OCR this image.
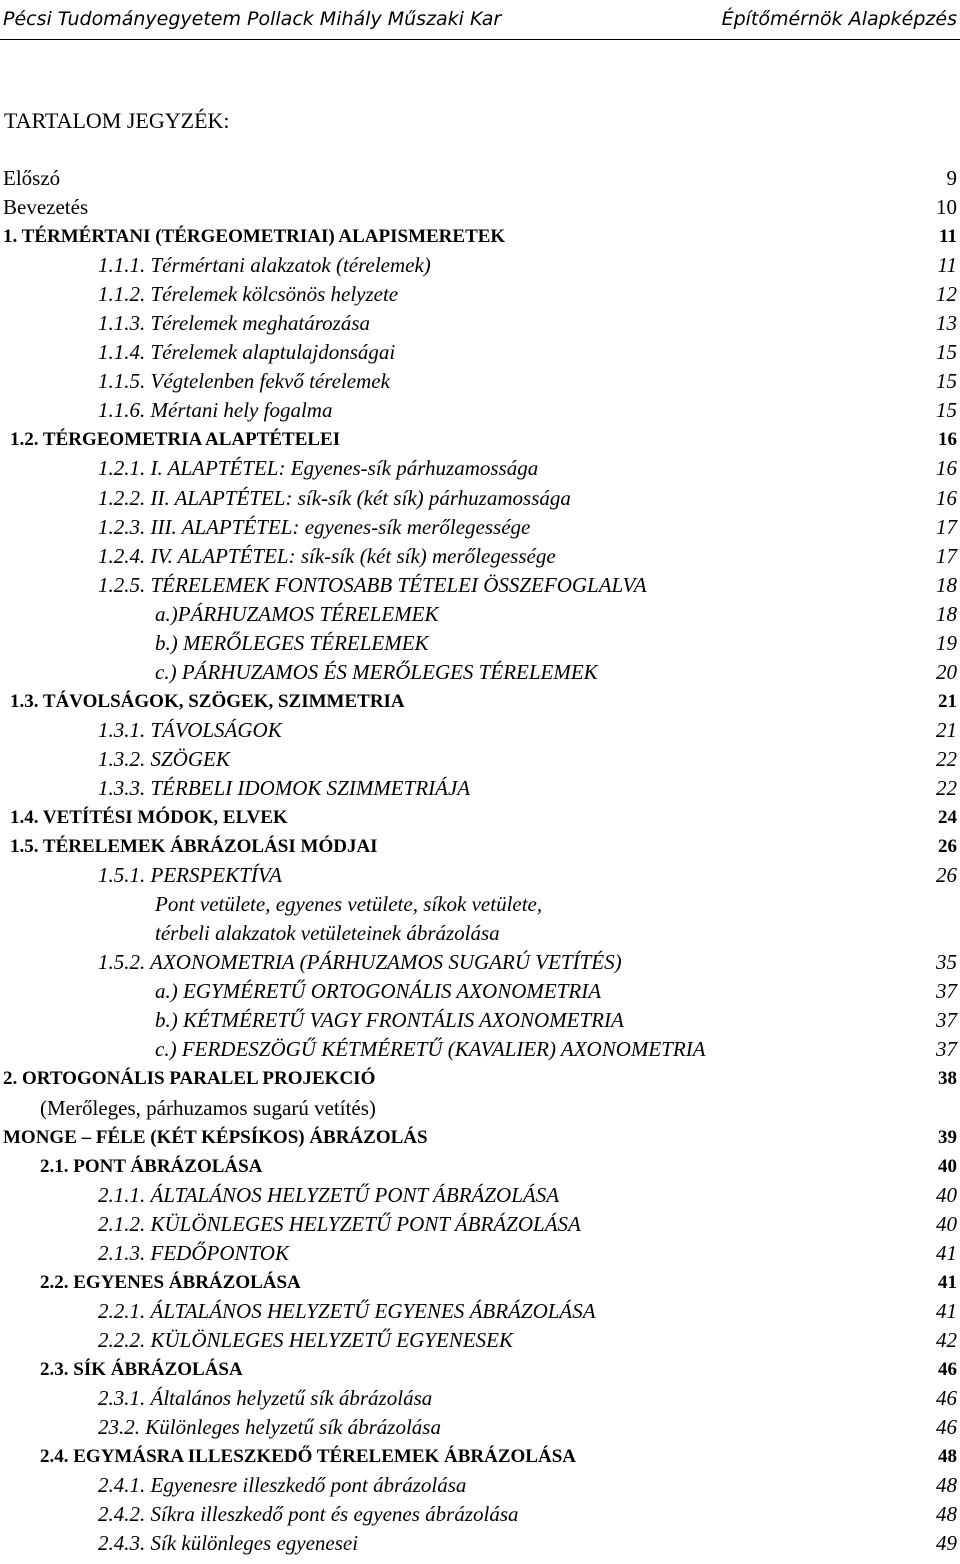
Pécsi Tudományegyetem Pollack Mihály Műszaki Kar	Építőmérnök Alapképzés
TARTALOM JEGYZÉK:
Előszó	9
Bevezetés	10
1. TÉRMÉRTANI (TÉRGEOMETRIAI) ALAPISMERETEK	11
1.1.1. Térmértani alakzatok (térelemek)	11
1.1.2. Térelemek kölcsönös helyzete	12
1.1.3. Térelemek meghatározása	13
1.1.4. Térelemek alaptulajdonságai	15
1.1.5. Végtelenben fekvő térelemek	15
1.1.6. Mértani hely fogalma	15
1.2. TÉRGEOMETRIA ALAPTÉTELEI	16
1.2.1. I. ALAPTÉTEL: Egyenes-sík párhuzamossága	16
1.2.2. II. ALAPTÉTEL: sík-sík (két sík) párhuzamossága	16
1.2.3. III. ALAPTÉTEL: egyenes-sík merőlegessége	17
1.2.4. IV. ALAPTÉTEL: sík-sík (két sík) merőlegessége	17
1.2.5. TÉRELEMEK FONTOSABB TÉTELEI ÖSSZEFOGLALVA	18
a.)PÁRHUZAMOS TÉRELEMEK	18
b.) MERŐLEGES TÉRELEMEK	19
c.) PÁRHUZAMOS ÉS MERŐLEGES TÉRELEMEK	20
1.3. TÁVOLSÁGOK, SZÖGEK, SZIMMETRIA	21
1.3.1. TÁVOLSÁGOK	21
1.3.2. SZÖGEK	22
1.3.3. TÉRBELI IDOMOK SZIMMETRIÁJA	22
1.4. VETÍTÉSI MÓDOK, ELVEK	24
1.5. TÉRELEMEK ÁBRÁZOLÁSI MÓDJAI	26
1.5.1. PERSPEKTÍVA	26
Pont vetülete, egyenes vetülete, síkok vetülete,
térbeli alakzatok vetületeinek ábrázolása
1.5.2. AXONOMETRIA (PÁRHUZAMOS SUGARÚ VETÍTÉS)	35
a.) EGYMÉRETŰ ORTOGONÁLIS AXONOMETRIA	37
b.) KÉTMÉRETŰ VAGY FRONTÁLIS AXONOMETRIA	37
c.) FERDESZÖGŰ KÉTMÉRETŰ (KAVALIER) AXONOMETRIA	37
2. ORTOGONÁLIS PARALEL PROJEKCIÓ	38
(Merőleges, párhuzamos sugarú vetítés)
MONGE – FÉLE (KÉT KÉPSÍKOS) ÁBRÁZOLÁS	39
2.1. PONT ÁBRÁZOLÁSA	40
2.1.1. ÁLTALÁNOS HELYZETŰ PONT ÁBRÁZOLÁSA	40
2.1.2. KÜLÖNLEGES HELYZETŰ PONT ÁBRÁZOLÁSA	40
2.1.3. FEDŐPONTOK	41
2.2. EGYENES ÁBRÁZOLÁSA	41
2.2.1. ÁLTALÁNOS HELYZETŰ EGYENES ÁBRÁZOLÁSA	41
2.2.2. KÜLÖNLEGES HELYZETŰ EGYENESEK	42
2.3. SÍK ÁBRÁZOLÁSA	46
2.3.1. Általános helyzetű sík ábrázolása	46
23.2. Különleges helyzetű sík ábrázolása	46
2.4. EGYMÁSRA ILLESZKEDŐ TÉRELEMEK ÁBRÁZOLÁSA	48
2.4.1. Egyenesre illeszkedő pont ábrázolása	48
2.4.2. Síkra illeszkedő pont és egyenes ábrázolása	48
2.4.3. Sík különleges egyenesei	49
